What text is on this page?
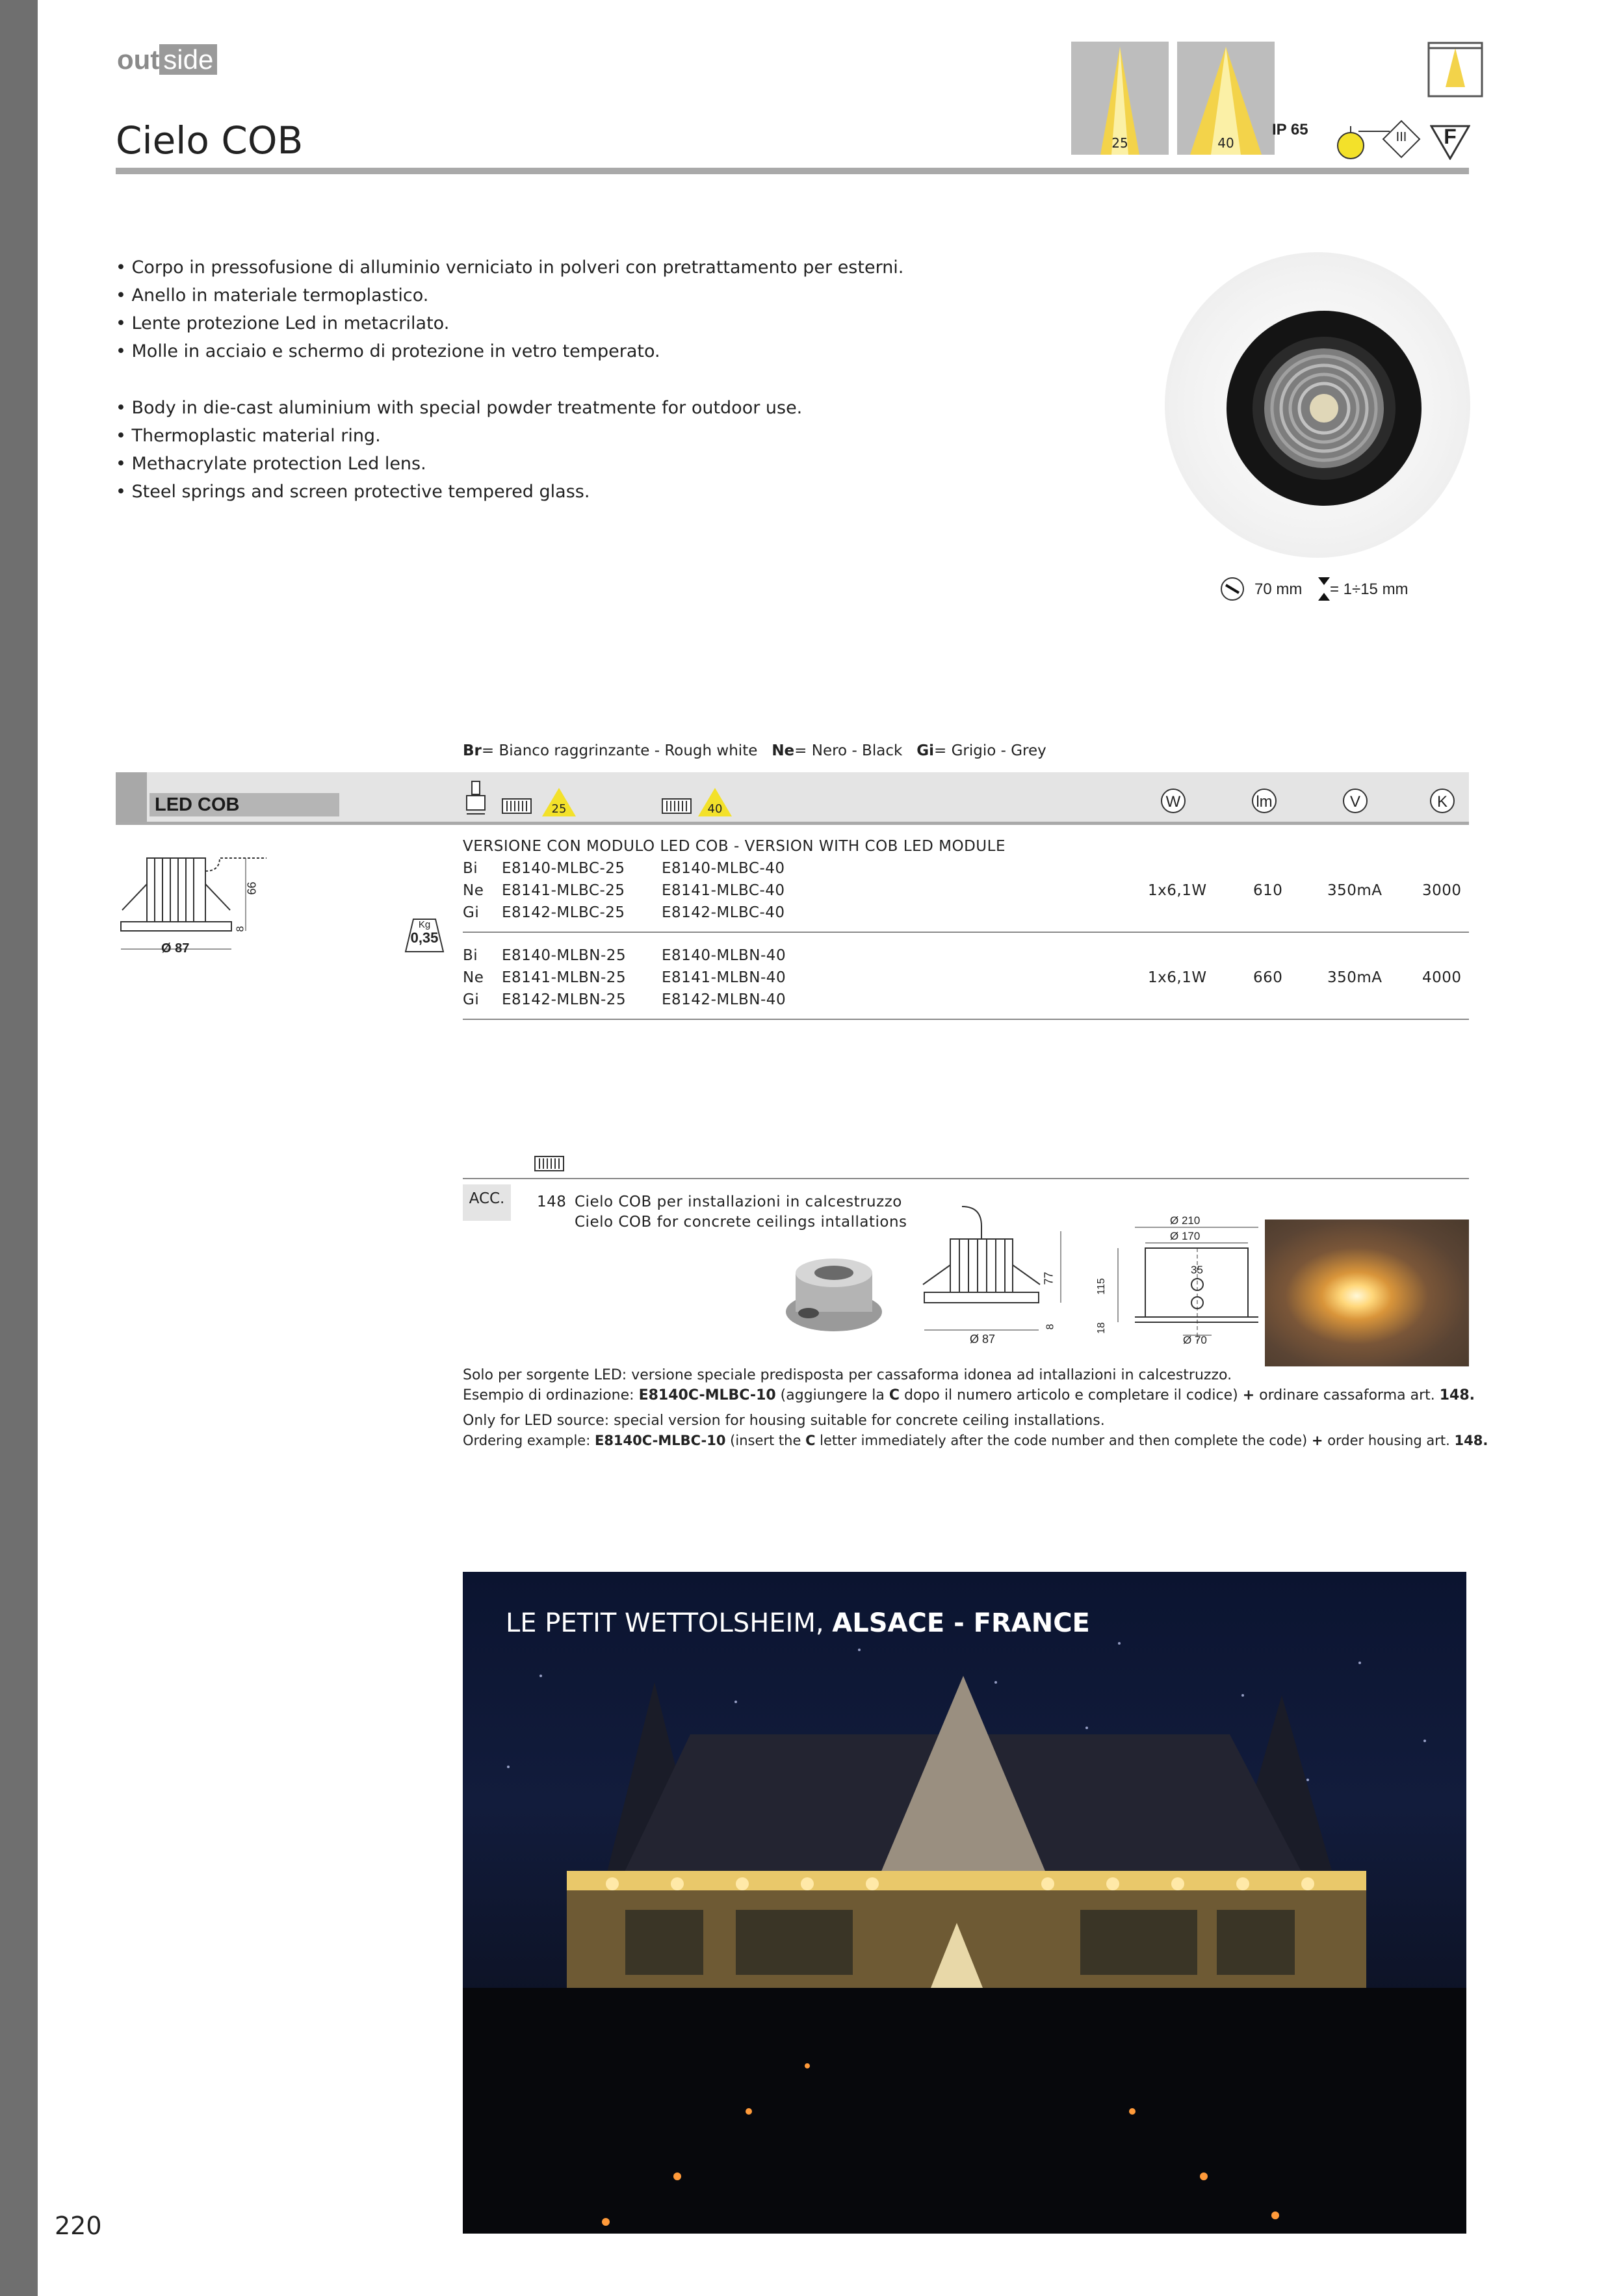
out side
Cielo COB	25	40
IP 65	III	F
• Corpo in pressofusione di alluminio verniciato in polveri con pretrattamento per esterni.
• Anello in materiale termoplastico.
• Lente protezione Led in metacrilato.
• Molle in acciaio e schermo di protezione in vetro temperato.
• Body in die-cast aluminium with special powder treatmente for outdoor use.
• Thermoplastic material ring.
• Methacrylate protection Led lens.
• Steel springs and screen protective tempered glass.
70 mm = 1÷15 mm
Br= Bianco raggrinzante - Rough white Ne= Nero - Black Gi= Grigio - Grey
LED COB	25	40	W	lm	V	K
66
8
Ø 87
Kg
0,35
VERSIONE CON MODULO LED COB - VERSION WITH COB LED MODULE
Bi E8140-MLBC-25 E8140-MLBC-40
Ne E8141-MLBC-25 E8141-MLBC-40
Gi E8142-MLBC-25 E8142-MLBC-40
1x6,1W	610	350mA	3000
Bi E8140-MLBN-25 E8140-MLBN-40
Ne E8141-MLBN-25 E8141-MLBN-40
Gi E8142-MLBN-25 E8142-MLBN-40
1x6,1W	660	350mA	4000
ACC.	148 Cielo COB per installazioni in calcestruzzo
Cielo COB for concrete ceilings intallations
77
8
Ø 87
Ø 210
Ø 170
35
115
18
Ø 70
Solo per sorgente LED: versione speciale predisposta per cassaforma idonea ad intallazioni in calcestruzzo.
Esempio di ordinazione: E8140C-MLBC-10 (aggiungere la C dopo il numero articolo e completare il codice) + ordinare cassaforma art. 148.
Only for LED source: special version for housing suitable for concrete ceiling installations.
Ordering example: E8140C-MLBC-10 (insert the C letter immediately after the code number and then complete the code) + order housing art. 148.
LE PETIT WETTOLSHEIM, ALSACE - FRANCE
220
